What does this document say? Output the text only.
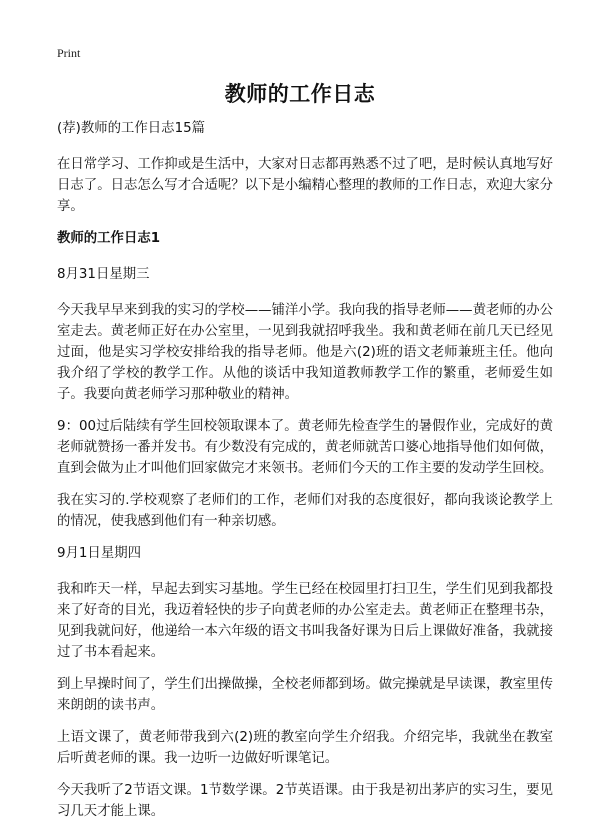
Print
教师的工作日志

(荐)教师的工作日志15篇

在日常学习、工作抑或是生活中，大家对日志都再熟悉不过了吧，是时候认真地写好日志了。日志怎么写才合适呢？以下是小编精心整理的教师的工作日志，欢迎大家分享。

教师的工作日志1

8月31日星期三

今天我早早来到我的实习的学校——铺洋小学。我向我的指导老师——黄老师的办公室走去。黄老师正好在办公室里，一见到我就招呼我坐。我和黄老师在前几天已经见过面，他是实习学校安排给我的指导老师。他是六(2)班的语文老师兼班主任。他向我介绍了学校的教学工作。从他的谈话中我知道教师教学工作的繁重，老师爱生如子。我要向黄老师学习那种敬业的精神。

9：00过后陆续有学生回校领取课本了。黄老师先检查学生的暑假作业，完成好的黄老师就赞扬一番并发书。有少数没有完成的，黄老师就苦口婆心地指导他们如何做，直到会做为止才叫他们回家做完才来领书。老师们今天的工作主要的发动学生回校。

我在实习的.学校观察了老师们的工作，老师们对我的态度很好，都向我谈论教学上的情况，使我感到他们有一种亲切感。

9月1日星期四

我和昨天一样，早起去到实习基地。学生已经在校园里打扫卫生，学生们见到我都投来了好奇的目光，我迈着轻快的步子向黄老师的办公室走去。黄老师正在整理书杂，见到我就问好，他递给一本六年级的语文书叫我备好课为日后上课做好准备，我就接过了书本看起来。

到上早操时间了，学生们出操做操，全校老师都到场。做完操就是早读课，教室里传来朗朗的读书声。

上语文课了，黄老师带我到六(2)班的教室向学生介绍我。介绍完毕，我就坐在教室后听黄老师的课。我一边听一边做好听课笔记。

今天我听了2节语文课。1节数学课。2节英语课。由于我是初出茅庐的实习生，要见习几天才能上课。
